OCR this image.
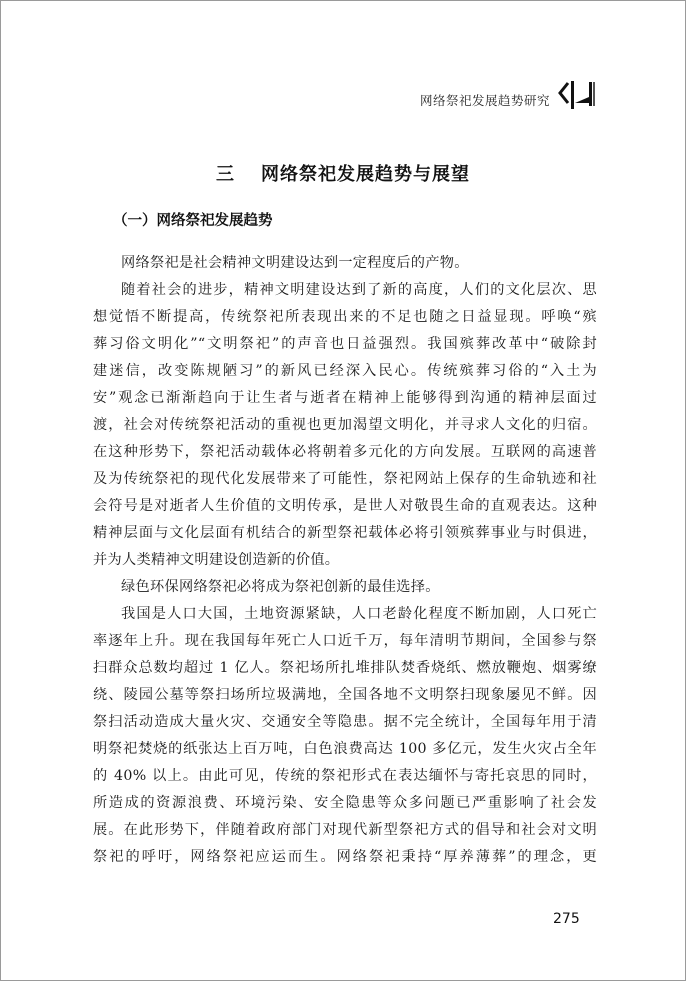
网络祭祀发展趋势研究
三 网络祭祀发展趋势与展望
（一）网络祭祀发展趋势
网络祭祀是社会精神文明建设达到一定程度后的产物。
随着社会的进步，精神文明建设达到了新的高度，人们的文化层次、思
想觉悟不断提高，传统祭祀所表现出来的不足也随之日益显现。呼唤“殡
葬习俗文明化”“文明祭祀”的声音也日益强烈。我国殡葬改革中“破除封
建迷信，改变陈规陋习”的新风已经深入民心。传统殡葬习俗的“入土为
安”观念已渐渐趋向于让生者与逝者在精神上能够得到沟通的精神层面过
渡，社会对传统祭祀活动的重视也更加渴望文明化，并寻求人文化的归宿。
在这种形势下，祭祀活动载体必将朝着多元化的方向发展。互联网的高速普
及为传统祭祀的现代化发展带来了可能性，祭祀网站上保存的生命轨迹和社
会符号是对逝者人生价值的文明传承，是世人对敬畏生命的直观表达。这种
精神层面与文化层面有机结合的新型祭祀载体必将引领殡葬事业与时俱进，
并为人类精神文明建设创造新的价值。
绿色环保网络祭祀必将成为祭祀创新的最佳选择。
我国是人口大国，土地资源紧缺，人口老龄化程度不断加剧，人口死亡
率逐年上升。现在我国每年死亡人口近千万，每年清明节期间，全国参与祭
扫群众总数均超过 1 亿人。祭祀场所扎堆排队焚香烧纸、燃放鞭炮、烟雾缭
绕、陵园公墓等祭扫场所垃圾满地，全国各地不文明祭扫现象屡见不鲜。因
祭扫活动造成大量火灾、交通安全等隐患。据不完全统计，全国每年用于清
明祭祀焚烧的纸张达上百万吨，白色浪费高达 100 多亿元，发生火灾占全年
的 40% 以上。由此可见，传统的祭祀形式在表达缅怀与寄托哀思的同时，
所造成的资源浪费、环境污染、安全隐患等众多问题已严重影响了社会发
展。在此形势下，伴随着政府部门对现代新型祭祀方式的倡导和社会对文明
祭祀的呼吁，网络祭祀应运而生。网络祭祀秉持“厚养薄葬”的理念，更
275
